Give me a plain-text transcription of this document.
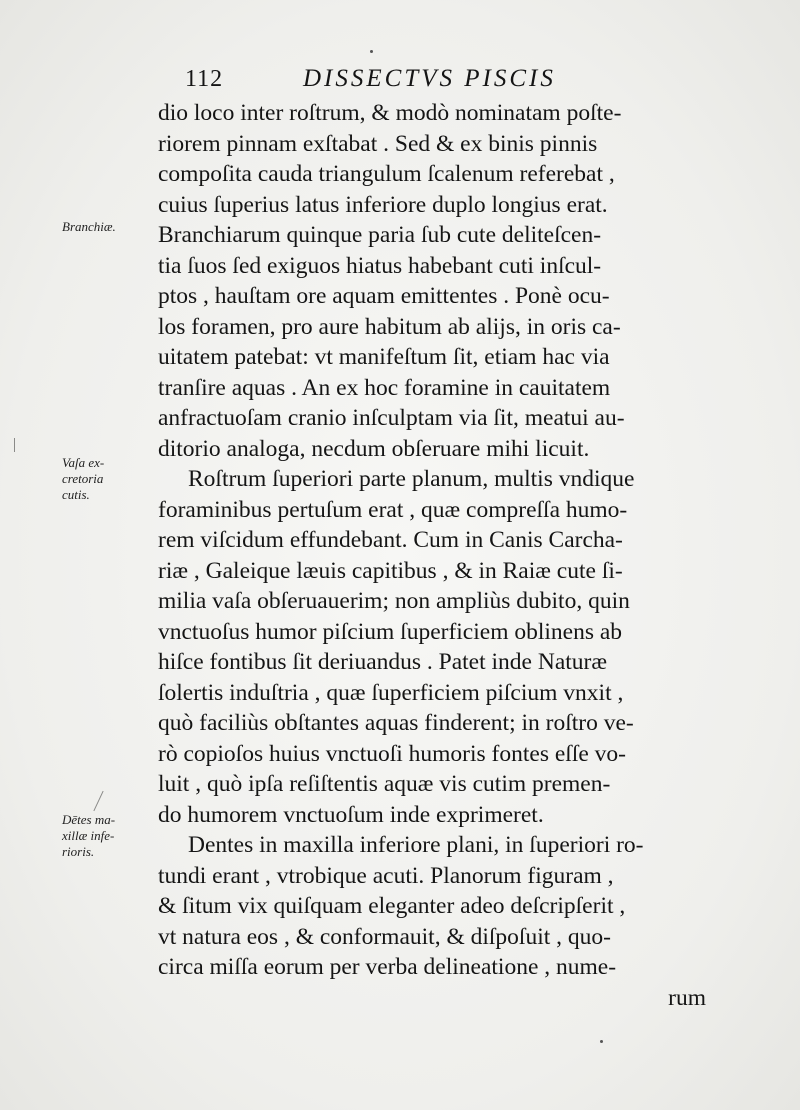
112	DISSECTVS PISCIS
Branchiæ.
Vaſa ex-
cretoria
cutis.
Dētes ma-
xillæ infe-
rioris.
dio loco inter roſtrum, & modò nominatam poſte-
riorem pinnam exſtabat . Sed & ex binis pinnis
compoſita cauda triangulum ſcalenum referebat ,
cuius ſuperius latus inferiore duplo longius erat.
Branchiarum quinque paria ſub cute deliteſcen-
tia ſuos ſed exiguos hiatus habebant cuti inſcul-
ptos , hauſtam ore aquam emittentes . Ponè ocu-
los foramen, pro aure habitum ab alijs, in oris ca-
uitatem patebat: vt manifeſtum ſit, etiam hac via
tranſire aquas . An ex hoc foramine in cauitatem
anfractuoſam cranio inſculptam via ſit, meatui au-
ditorio analoga, necdum obſeruare mihi licuit.
Roſtrum ſuperiori parte planum, multis vndique
foraminibus pertuſum erat , quæ compreſſa humo-
rem viſcidum effundebant. Cum in Canis Carcha-
riæ , Galeique læuis capitibus , & in Raiæ cute ſi-
milia vaſa obſeruauerim; non ampliùs dubito, quin
vnctuoſus humor piſcium ſuperficiem oblinens ab
hiſce fontibus ſit deriuandus . Patet inde Naturæ
ſolertis induſtria , quæ ſuperficiem piſcium vnxit ,
quò faciliùs obſtantes aquas finderent; in roſtro ve-
rò copioſos huius vnctuoſi humoris fontes eſſe vo-
luit , quò ipſa reſiſtentis aquæ vis cutim premen-
do humorem vnctuoſum inde exprimeret.
Dentes in maxilla inferiore plani, in ſuperiori ro-
tundi erant , vtrobique acuti. Planorum figuram ,
& ſitum vix quiſquam eleganter adeo deſcripſerit ,
vt natura eos , & conformauit, & diſpoſuit , quo-
circa miſſa eorum per verba delineatione , nume-
rum
